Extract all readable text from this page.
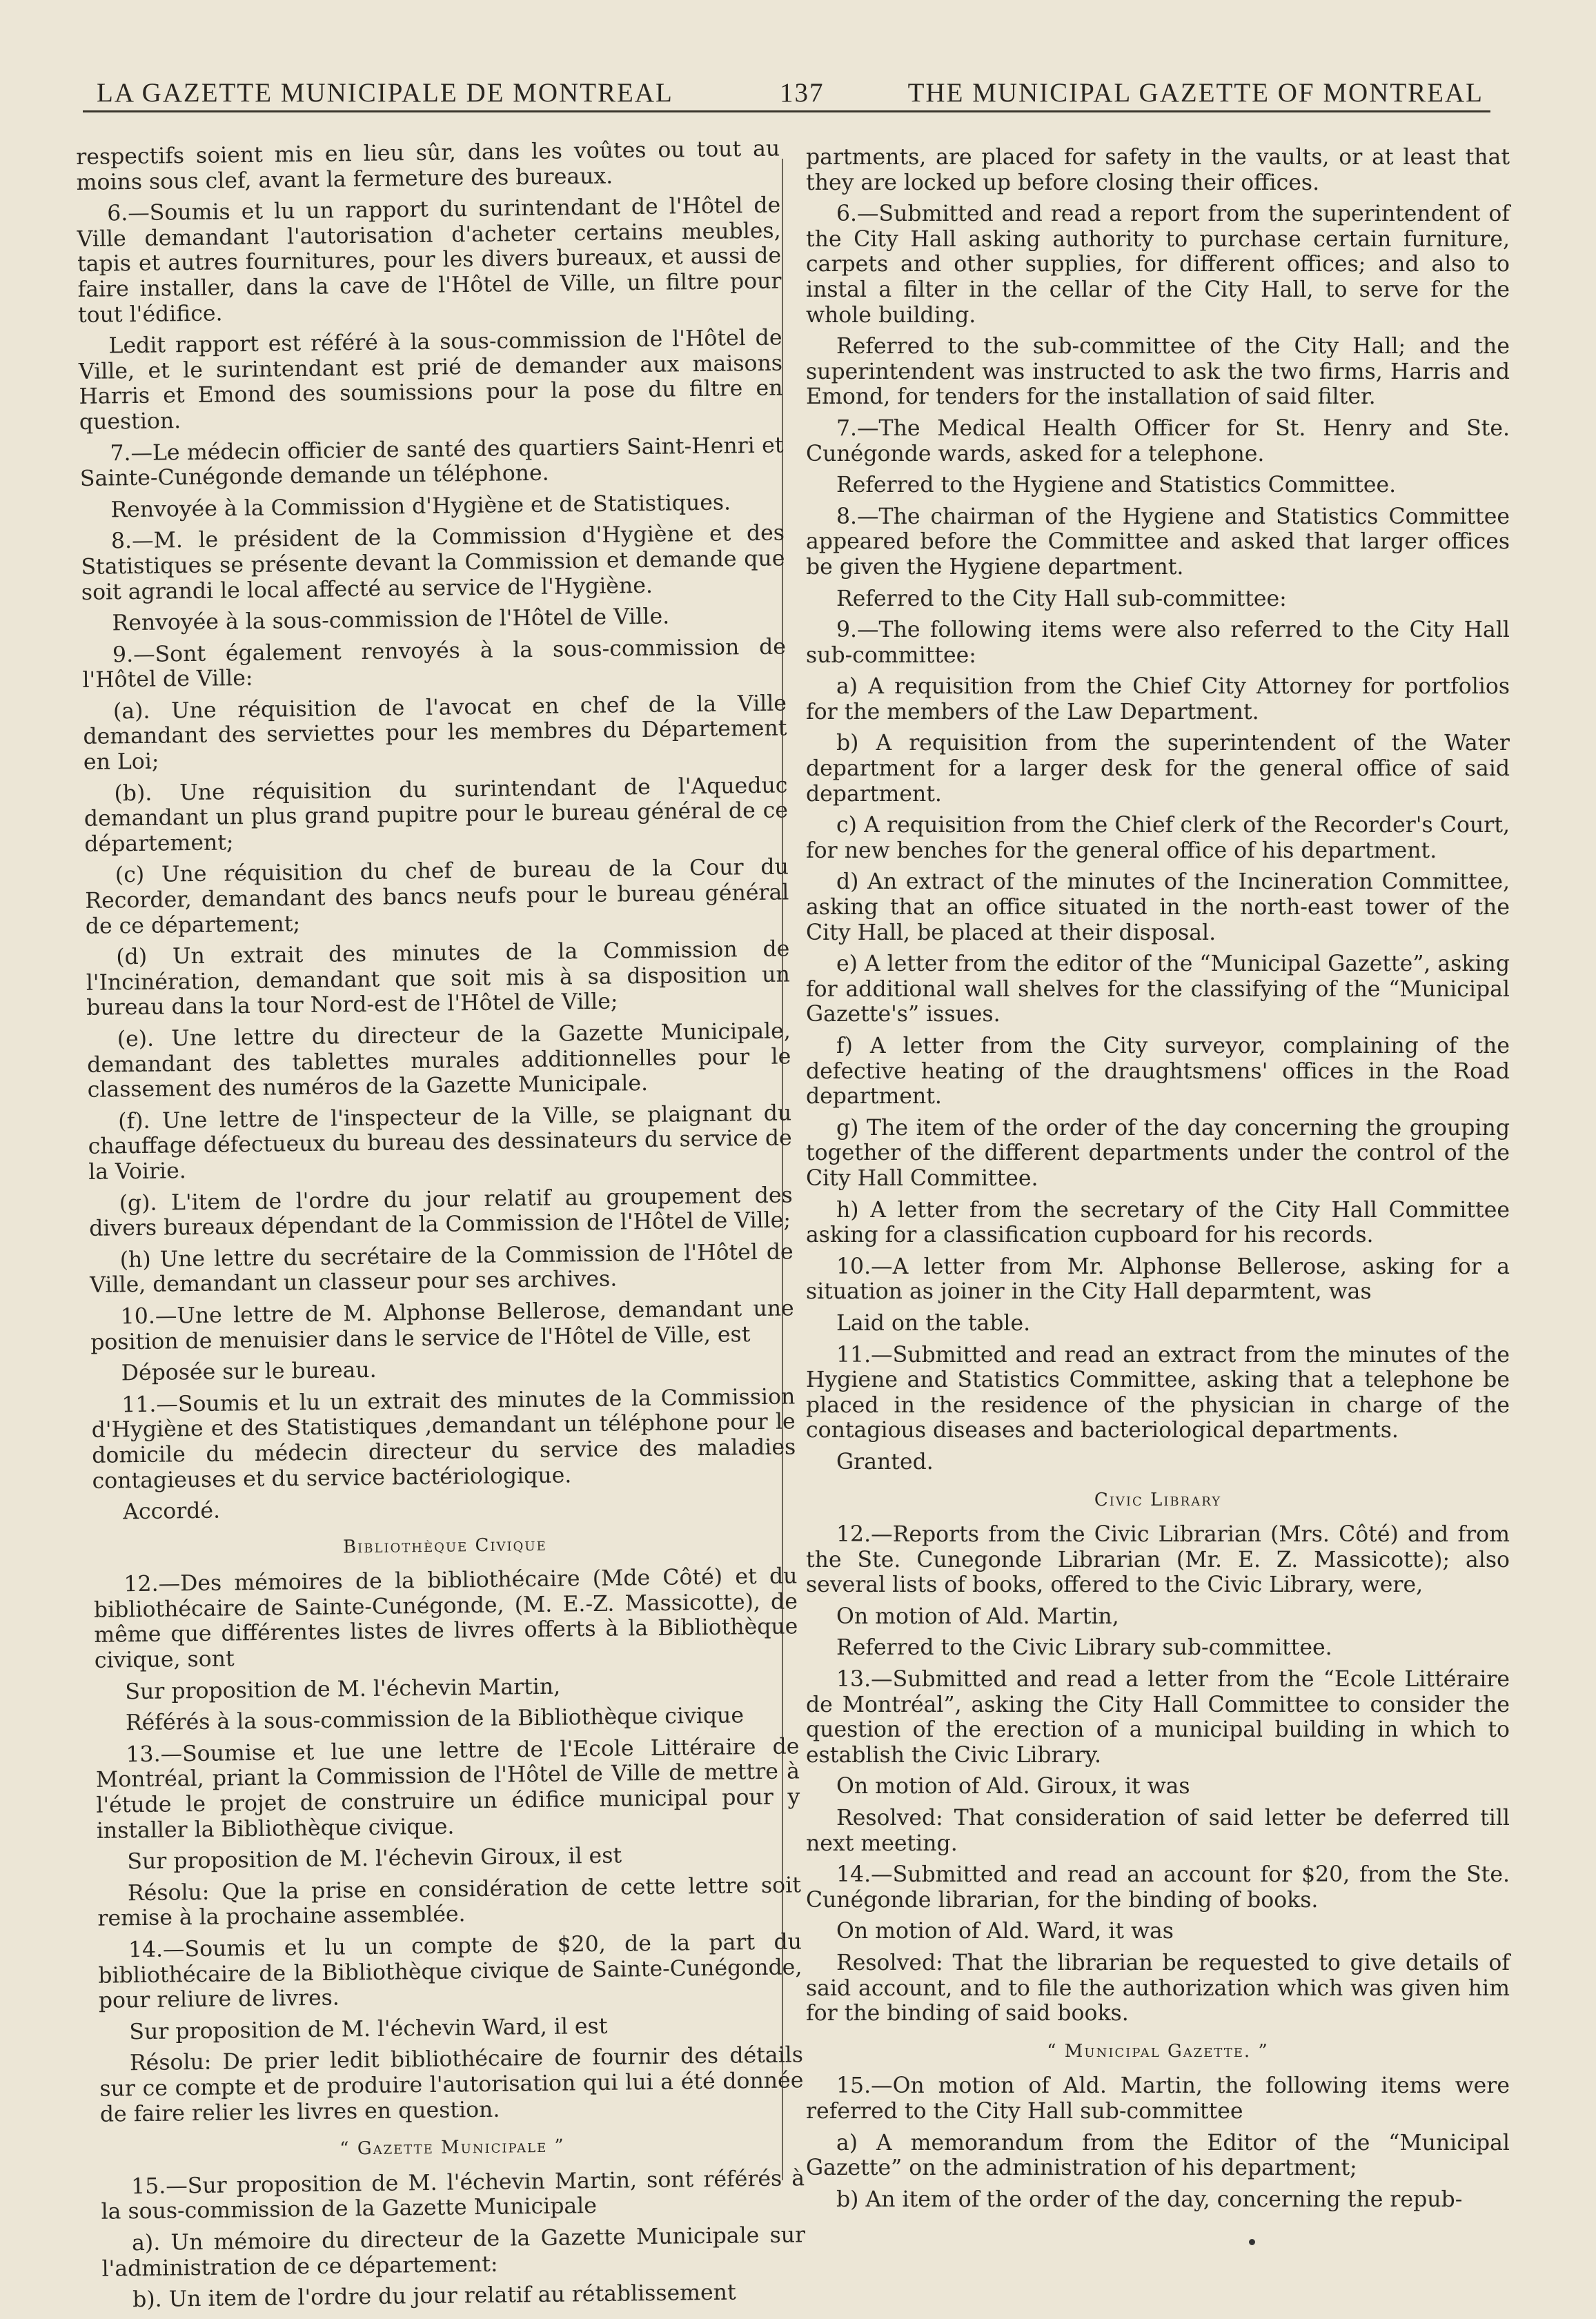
LA GAZETTE MUNICIPALE DE MONTREAL	137	THE MUNICIPAL GAZETTE OF MONTREAL

respectifs soient mis en lieu sûr, dans les voûtes ou tout au moins sous clef, avant la fermeture des bureaux.

6.—Soumis et lu un rapport du surintendant de l'Hôtel de Ville demandant l'autorisation d'acheter certains meubles, tapis et autres fournitures, pour les divers bureaux, et aussi de faire installer, dans la cave de l'Hôtel de Ville, un filtre pour tout l'édifice.

Ledit rapport est référé à la sous-commission de l'Hôtel de Ville, et le surintendant est prié de demander aux maisons Harris et Emond des soumissions pour la pose du filtre en question.

7.—Le médecin officier de santé des quartiers Saint-Henri et Sainte-Cunégonde demande un téléphone.

Renvoyée à la Commission d'Hygiène et de Statistiques.

8.—M. le président de la Commission d'Hygiène et des Statistiques se présente devant la Commission et demande que soit agrandi le local affecté au service de l'Hygiène.

Renvoyée à la sous-commission de l'Hôtel de Ville.

9.—Sont également renvoyés à la sous-commission de l'Hôtel de Ville:

(a). Une réquisition de l'avocat en chef de la Ville demandant des serviettes pour les membres du Département en Loi;

(b). Une réquisition du surintendant de l'Aqueduc demandant un plus grand pupitre pour le bureau général de ce département;

(c) Une réquisition du chef de bureau de la Cour du Recorder, demandant des bancs neufs pour le bureau général de ce département;

(d) Un extrait des minutes de la Commission de l'Incinération, demandant que soit mis à sa disposition un bureau dans la tour Nord-est de l'Hôtel de Ville;

(e). Une lettre du directeur de la Gazette Municipale, demandant des tablettes murales additionnelles pour le classement des numéros de la Gazette Municipale.

(f). Une lettre de l'inspecteur de la Ville, se plaignant du chauffage défectueux du bureau des dessinateurs du service de la Voirie.

(g). L'item de l'ordre du jour relatif au groupement des divers bureaux dépendant de la Commission de l'Hôtel de Ville;

(h) Une lettre du secrétaire de la Commission de l'Hôtel de Ville, demandant un classeur pour ses archives.

10.—Une lettre de M. Alphonse Bellerose, demandant une position de menuisier dans le service de l'Hôtel de Ville, est

Déposée sur le bureau.

11.—Soumis et lu un extrait des minutes de la Commission d'Hygiène et des Statistiques ,demandant un téléphone pour le domicile du médecin directeur du service des maladies contagieuses et du service bactériologique.

Accordé.

Bibliothèque Civique

12.—Des mémoires de la bibliothécaire (Mde Côté) et du bibliothécaire de Sainte-Cunégonde, (M. E.-Z. Massicotte), de même que différentes listes de livres offerts à la Bibliothèque civique, sont

Sur proposition de M. l'échevin Martin,

Référés à la sous-commission de la Bibliothèque civique

13.—Soumise et lue une lettre de l'Ecole Littéraire de Montréal, priant la Commission de l'Hôtel de Ville de mettre à l'étude le projet de construire un édifice municipal pour y installer la Bibliothèque civique.

Sur proposition de M. l'échevin Giroux, il est

Résolu: Que la prise en considération de cette lettre soit remise à la prochaine assemblée.

14.—Soumis et lu un compte de $20, de la part du bibliothécaire de la Bibliothèque civique de Sainte-Cunégonde, pour reliure de livres.

Sur proposition de M. l'échevin Ward, il est

Résolu: De prier ledit bibliothécaire de fournir des détails sur ce compte et de produire l'autorisation qui lui a été donnée de faire relier les livres en question.

“ Gazette Municipale ”

15.—Sur proposition de M. l'échevin Martin, sont référés à la sous-commission de la Gazette Municipale

a). Un mémoire du directeur de la Gazette Municipale sur l'administration de ce département:

b). Un item de l'ordre du jour relatif au rétablissement

partments, are placed for safety in the vaults, or at least that they are locked up before closing their offices.

6.—Submitted and read a report from the superintendent of the City Hall asking authority to purchase certain furniture, carpets and other supplies, for different offices; and also to instal a filter in the cellar of the City Hall, to serve for the whole building.

Referred to the sub-committee of the City Hall; and the superintendent was instructed to ask the two firms, Harris and Emond, for tenders for the installation of said filter.

7.—The Medical Health Officer for St. Henry and Ste. Cunégonde wards, asked for a telephone.

Referred to the Hygiene and Statistics Committee.

8.—The chairman of the Hygiene and Statistics Committee appeared before the Committee and asked that larger offices be given the Hygiene department.

Referred to the City Hall sub-committee:

9.—The following items were also referred to the City Hall sub-committee:

a) A requisition from the Chief City Attorney for portfolios for the members of the Law Department.

b) A requisition from the superintendent of the Water department for a larger desk for the general office of said department.

c) A requisition from the Chief clerk of the Recorder's Court, for new benches for the general office of his department.

d) An extract of the minutes of the Incineration Committee, asking that an office situated in the north-east tower of the City Hall, be placed at their disposal.

e) A letter from the editor of the “Municipal Gazette”, asking for additional wall shelves for the classifying of the “Municipal Gazette's” issues.

f) A letter from the City surveyor, complaining of the defective heating of the draughtsmens' offices in the Road department.

g) The item of the order of the day concerning the grouping together of the different departments under the control of the City Hall Committee.

h) A letter from the secretary of the City Hall Committee asking for a classification cupboard for his records.

10.—A letter from Mr. Alphonse Bellerose, asking for a situation as joiner in the City Hall deparmtent, was

Laid on the table.

11.—Submitted and read an extract from the minutes of the Hygiene and Statistics Committee, asking that a telephone be placed in the residence of the physician in charge of the contagious diseases and bacteriological departments.

Granted.

Civic Library

12.—Reports from the Civic Librarian (Mrs. Côté) and from the Ste. Cunegonde Librarian (Mr. E. Z. Massicotte); also several lists of books, offered to the Civic Library, were,

On motion of Ald. Martin,

Referred to the Civic Library sub-committee.

13.—Submitted and read a letter from the “Ecole Littéraire de Montréal”, asking the City Hall Committee to consider the question of the erection of a municipal building in which to establish the Civic Library.

On motion of Ald. Giroux, it was

Resolved: That consideration of said letter be deferred till next meeting.

14.—Submitted and read an account for $20, from the Ste. Cunégonde librarian, for the binding of books.

On motion of Ald. Ward, it was

Resolved: That the librarian be requested to give details of said account, and to file the authorization which was given him for the binding of said books.

“ Municipal Gazette. ”

15.—On motion of Ald. Martin, the following items were referred to the City Hall sub-committee

a) A memorandum from the Editor of the “Municipal Gazette” on the administration of his department;

b) An item of the order of the day, concerning the repub-
